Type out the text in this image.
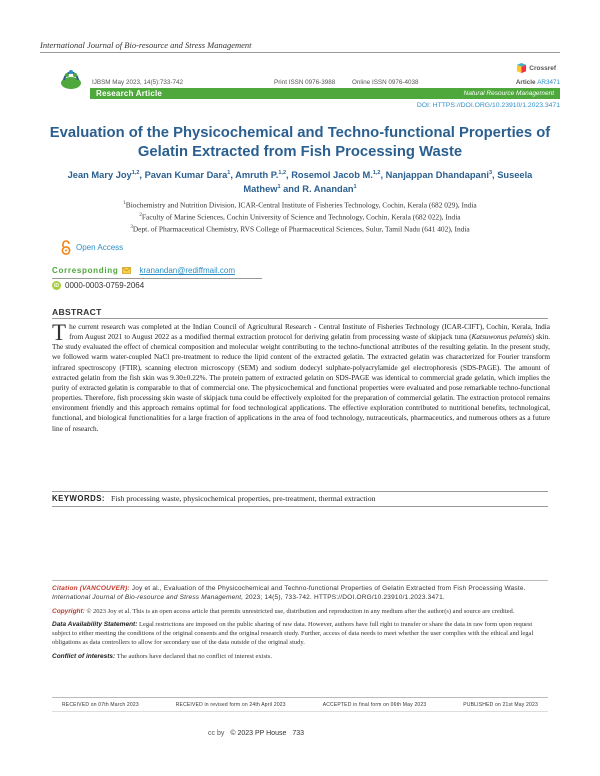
International Journal of Bio-resource and Stress Management
IJBSM May 2023, 14(5):733-742	Print ISSN 0976-3988	Online ISSN 0976-4038	Article AR3471
Crossref
Research Article	Natural Resource Management
DOI: HTTPS://DOI.ORG/10.23910/1.2023.3471
Evaluation of the Physicochemical and Techno-functional Properties of Gelatin Extracted from Fish Processing Waste
Jean Mary Joy$^{1,2}$, Pavan Kumar Dara$^1$, Amruth P.$^{1,2}$, Rosemol Jacob M.$^{1,2}$, Nanjappan Dhandapani$^3$, Suseela Mathew$^1$ and R. Anandan$^1$
$^1$Biochemistry and Nutrition Division, ICAR-Central Institute of Fisheries Technology, Cochin, Kerala (682 029), India
$^2$Faculty of Marine Sciences, Cochin University of Science and Technology, Cochin, Kerala (682 022), India
$^3$Dept. of Pharmaceutical Chemistry, RVS College of Pharmaceutical Sciences, Sulur, Tamil Nadu (641 402), India
Open Access
Corresponding	kranandan@rediffmail.com
iD 0000-0003-0759-2064
ABSTRACT
The current research was completed at the Indian Council of Agricultural Research - Central Institute of Fisheries Technology (ICAR-CIFT), Cochin, Kerala, India from August 2021 to August 2022 as a modified thermal extraction protocol for deriving gelatin from processing waste of skipjack tuna (Katsuwonus pelamis) skin. The study evaluated the effect of chemical composition and molecular weight contributing to the techno-functional attributes of the resulting gelatin. In the present study, we followed warm water-coupled NaCl pre-treatment to reduce the lipid content of the extracted gelatin. The extracted gelatin was characterized for Fourier transform infrared spectroscopy (FTIR), scanning electron microscopy (SEM) and sodium dodecyl sulphate-polyacrylamide gel electrophoresis (SDS-PAGE). The amount of extracted gelatin from the fish skin was 9.30±0.22%. The protein pattern of extracted gelatin on SDS-PAGE was identical to commercial grade gelatin, which implies the purity of extracted gelatin is comparable to that of commercial one. The physicochemical and functional properties were evaluated and pose remarkable techno-functional properties. Therefore, fish processing skin waste of skipjack tuna could be effectively exploited for the preparation of commercial gelatin. The extraction protocol remains environment friendly and this approach remains optimal for food technological applications. The effective exploration contributed to nutritional benefits, technological, functional, and biological functionalities for a large fraction of applications in the area of food technology, nutraceuticals, pharmaceutics, and numerous others as a future line of research.
KEYWORDS: Fish processing waste, physicochemical properties, pre-treatment, thermal extraction
Citation (VANCOUVER): Joy et al., Evaluation of the Physicochemical and Techno-functional Properties of Gelatin Extracted from Fish Processing Waste. International Journal of Bio-resource and Stress Management, 2023; 14(5), 733-742. HTTPS://DOI.ORG/10.23910/1.2023.3471.
Copyright: © 2023 Joy et al. This is an open access article that permits unrestricted use, distribution and reproduction in any medium after the author(s) and source are credited.
Data Availability Statement: Legal restrictions are imposed on the public sharing of raw data. However, authors have full right to transfer or share the data in raw form upon request subject to either meeting the conditions of the original consents and the original research study. Further, access of data needs to meet whether the user complies with the ethical and legal obligations as data controllers to allow for secondary use of the data outside of the original study.
Conflict of interests: The authors have declared that no conflict of interest exists.
RECEIVED on 07th March 2023	RECEIVED in revised form on 24th April 2023	ACCEPTED in final form on 06th May 2023	PUBLISHED on 21st May 2023
cc by © 2023 PP House 733
